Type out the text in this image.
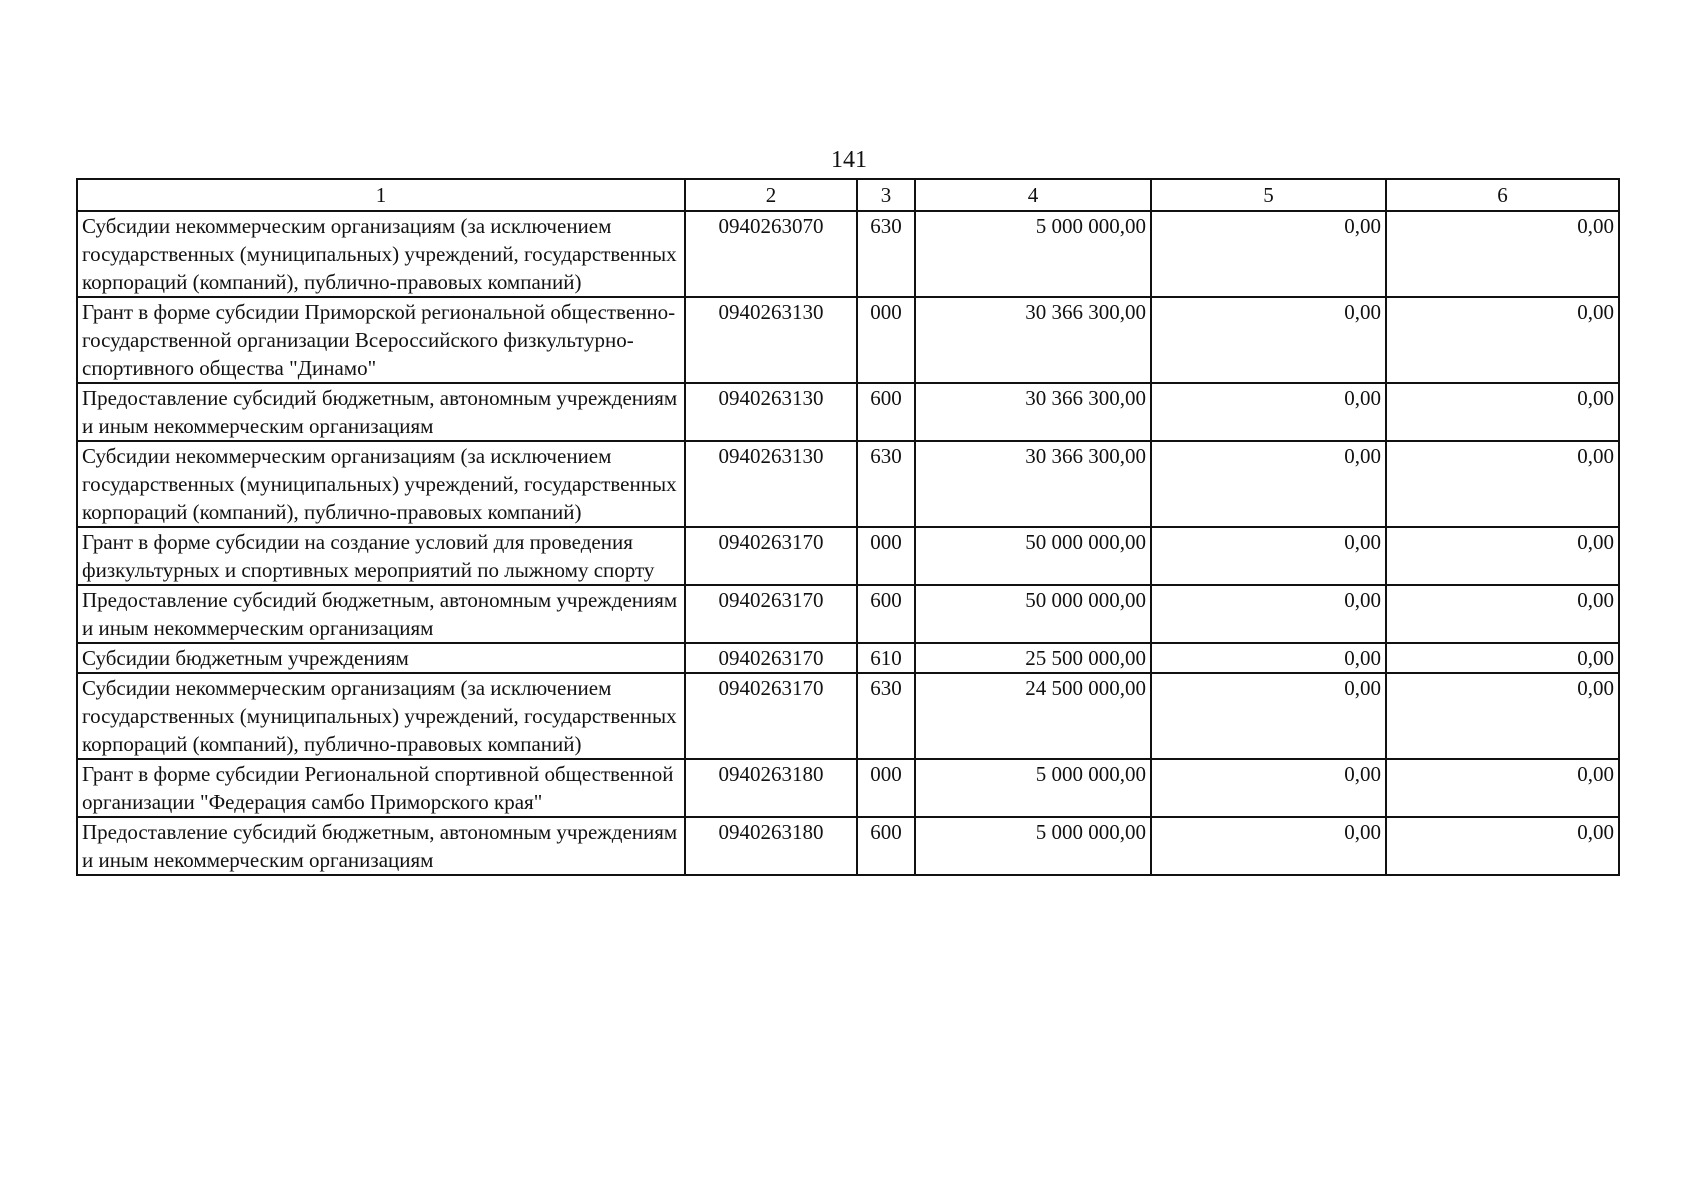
141
1	2	3	4	5	6
Субсидии некоммерческим организациям (за исключением государственных (муниципальных) учреждений, государственных корпораций (компаний), публично-правовых компаний)	0940263070	630	5 000 000,00	0,00	0,00
Грант в форме субсидии Приморской региональной общественно-государственной организации Всероссийского физкультурно-спортивного общества "Динамо"	0940263130	000	30 366 300,00	0,00	0,00
Предоставление субсидий бюджетным, автономным учреждениям и иным некоммерческим организациям	0940263130	600	30 366 300,00	0,00	0,00
Субсидии некоммерческим организациям (за исключением государственных (муниципальных) учреждений, государственных корпораций (компаний), публично-правовых компаний)	0940263130	630	30 366 300,00	0,00	0,00
Грант в форме субсидии на создание условий для проведения физкультурных и спортивных мероприятий по лыжному спорту	0940263170	000	50 000 000,00	0,00	0,00
Предоставление субсидий бюджетным, автономным учреждениям и иным некоммерческим организациям	0940263170	600	50 000 000,00	0,00	0,00
Субсидии бюджетным учреждениям	0940263170	610	25 500 000,00	0,00	0,00
Субсидии некоммерческим организациям (за исключением государственных (муниципальных) учреждений, государственных корпораций (компаний), публично-правовых компаний)	0940263170	630	24 500 000,00	0,00	0,00
Грант в форме субсидии Региональной спортивной общественной организации "Федерация самбо Приморского края"	0940263180	000	5 000 000,00	0,00	0,00
Предоставление субсидий бюджетным, автономным учреждениям и иным некоммерческим организациям	0940263180	600	5 000 000,00	0,00	0,00
